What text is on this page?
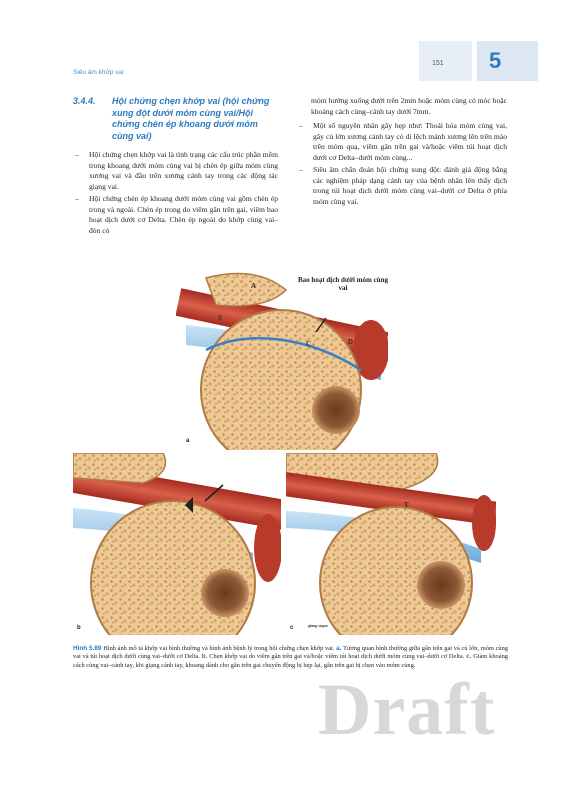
Siêu âm khớp vai
151 5
3.4.4.	Hội chứng chẹn khớp vai (hội chứng xung đột dưới mỏm cùng vai/Hội chứng chèn ép khoang dưới mỏm cùng vai)
–	Hội chứng chẹn khớp vai là tình trạng các cấu trúc phần mềm trong khoang dưới mỏm cùng vai bị chèn ép giữa mỏm cùng xương vai và đầu trên xương cánh tay trong các động tác giạng vai.
–	Hội chứng chèn ép khoang dưới mỏm cùng vai gồm chèn ép trong và ngoài. Chèn ép trong do viêm gân trên gai, viêm bao hoạt dịch dưới cơ Delta. Chèn ép ngoài do khớp cùng vai–đòn có
mỏm hướng xuống dưới trên 2mm hoặc mỏm cùng có móc hoặc khoảng cách cùng–cánh tay dưới 7mm.
–	Một số nguyên nhân gây hẹp như: Thoái hóa mỏm cùng vai, gãy củ lớn xương cánh tay có di lệch mảnh xương lên trên mào trên mỏm quạ, viêm gân trên gai và/hoặc viêm túi hoạt dịch dưới cơ Delta–dưới mỏm cùng...
–	Siêu âm chẩn đoán hội chứng xung đột: đánh giá động bằng các nghiệm pháp dạng cánh tay của bệnh nhân lên thấy dịch trong túi hoạt dịch dưới mỏm cùng vai–dưới cơ Delta ở phía mỏm cùng vai.
A
S
C	D
Bao hoạt dịch dưới mỏm cùng vai
a
b
T
c	giang seqoa
Hình 5.89 Hình ảnh mô tả khớp vai bình thường và hình ảnh bệnh lý trong hội chứng chẹn khớp vai. a. Tương quan bình thường giữa gân trên gai và củ lớn, mỏm cùng vai và túi hoạt dịch dưới cùng vai–dưới cơ Delta. b. Chẹn khớp vai do viêm gân trên gai và/hoặc viêm túi hoạt dịch dưới mỏm cùng vai–dưới cơ Delta. c. Giảm khoảng cách cùng vai–cánh tay, khi giạng cánh tay, khoang dành cho gân trên gai chuyển động bị hẹp lại, gân trên gai bị chẹn vào mỏm cùng.
Draft
